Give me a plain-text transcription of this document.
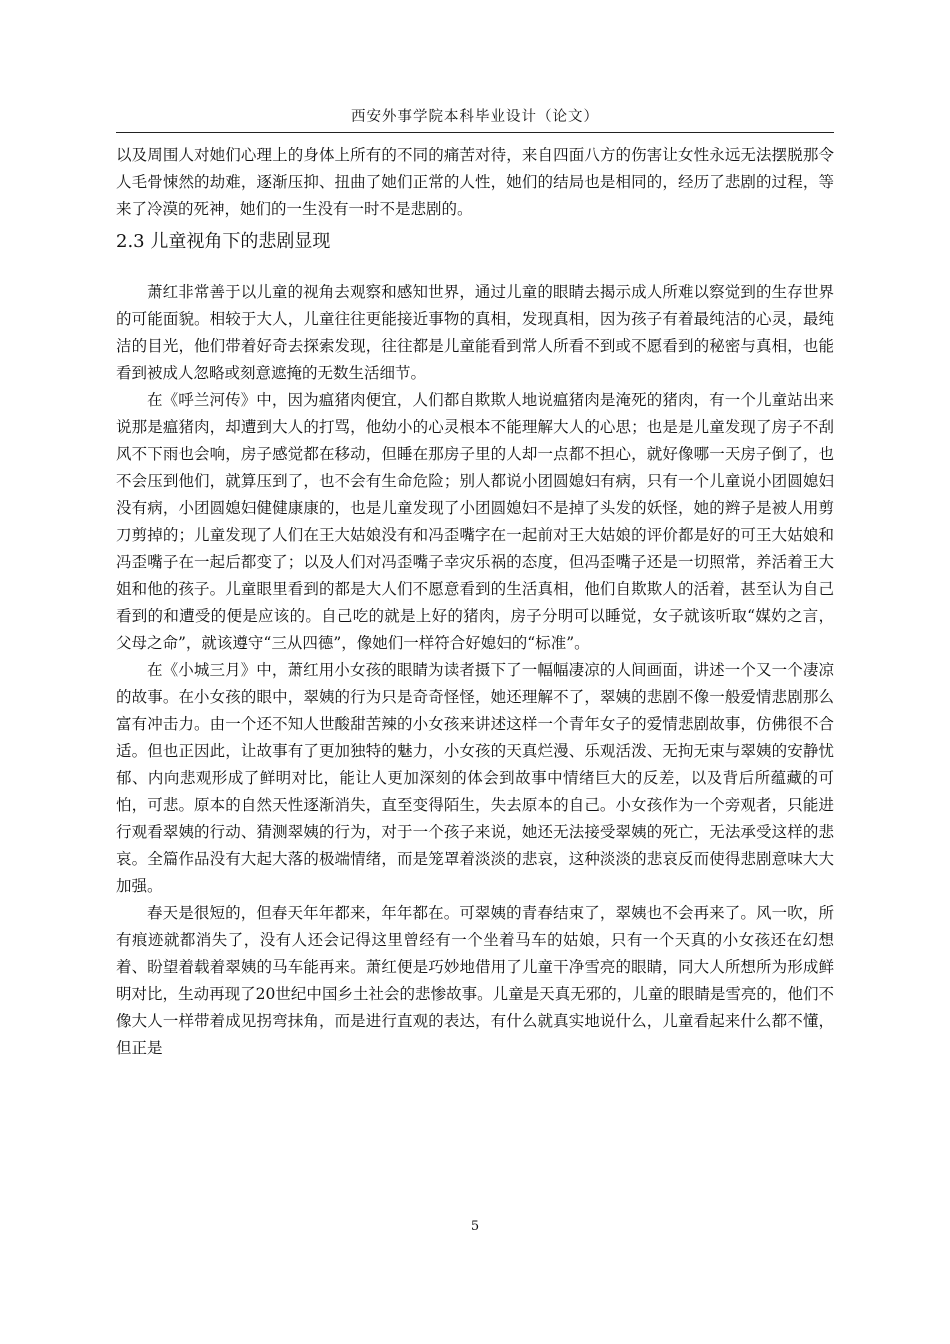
西安外事学院本科毕业设计（论文）

以及周围人对她们心理上的身体上所有的不同的痛苦对待，来自四面八方的伤害让女性永远无法摆脱那令人毛骨悚然的劫难，逐渐压抑、扭曲了她们正常的人性，她们的结局也是相同的，经历了悲剧的过程，等来了冷漠的死神，她们的一生没有一时不是悲剧的。

2.3 儿童视角下的悲剧显现

萧红非常善于以儿童的视角去观察和感知世界，通过儿童的眼睛去揭示成人所难以察觉到的生存世界的可能面貌。相较于大人，儿童往往更能接近事物的真相，发现真相，因为孩子有着最纯洁的心灵，最纯洁的目光，他们带着好奇去探索发现，往往都是儿童能看到常人所看不到或不愿看到的秘密与真相，也能看到被成人忽略或刻意遮掩的无数生活细节。

在《呼兰河传》中，因为瘟猪肉便宜，人们都自欺欺人地说瘟猪肉是淹死的猪肉，有一个儿童站出来说那是瘟猪肉，却遭到大人的打骂，他幼小的心灵根本不能理解大人的心思；也是是儿童发现了房子不刮风不下雨也会响，房子感觉都在移动，但睡在那房子里的人却一点都不担心，就好像哪一天房子倒了，也不会压到他们，就算压到了，也不会有生命危险；别人都说小团圆媳妇有病，只有一个儿童说小团圆媳妇没有病，小团圆媳妇健健康康的，也是儿童发现了小团圆媳妇不是掉了头发的妖怪，她的辫子是被人用剪刀剪掉的；儿童发现了人们在王大姑娘没有和冯歪嘴字在一起前对王大姑娘的评价都是好的可王大姑娘和冯歪嘴子在一起后都变了；以及人们对冯歪嘴子幸灾乐祸的态度，但冯歪嘴子还是一切照常，养活着王大姐和他的孩子。儿童眼里看到的都是大人们不愿意看到的生活真相，他们自欺欺人的活着，甚至认为自己看到的和遭受的便是应该的。自己吃的就是上好的猪肉，房子分明可以睡觉，女子就该听取“媒妁之言，父母之命”，就该遵守“三从四德”，像她们一样符合好媳妇的“标准”。

在《小城三月》中，萧红用小女孩的眼睛为读者摄下了一幅幅凄凉的人间画面，讲述一个又一个凄凉的故事。在小女孩的眼中，翠姨的行为只是奇奇怪怪，她还理解不了，翠姨的悲剧不像一般爱情悲剧那么富有冲击力。由一个还不知人世酸甜苦辣的小女孩来讲述这样一个青年女子的爱情悲剧故事，仿佛很不合适。但也正因此，让故事有了更加独特的魅力，小女孩的天真烂漫、乐观活泼、无拘无束与翠姨的安静忧郁、内向悲观形成了鲜明对比，能让人更加深刻的体会到故事中情绪巨大的反差，以及背后所蕴藏的可怕，可悲。原本的自然天性逐渐消失，直至变得陌生，失去原本的自己。小女孩作为一个旁观者，只能进行观看翠姨的行动、猜测翠姨的行为，对于一个孩子来说，她还无法接受翠姨的死亡，无法承受这样的悲哀。全篇作品没有大起大落的极端情绪，而是笼罩着淡淡的悲哀，这种淡淡的悲哀反而使得悲剧意味大大加强。

春天是很短的，但春天年年都来，年年都在。可翠姨的青春结束了，翠姨也不会再来了。风一吹，所有痕迹就都消失了，没有人还会记得这里曾经有一个坐着马车的姑娘，只有一个天真的小女孩还在幻想着、盼望着载着翠姨的马车能再来。萧红便是巧妙地借用了儿童干净雪亮的眼睛，同大人所想所为形成鲜明对比，生动再现了20世纪中国乡土社会的悲惨故事。儿童是天真无邪的，儿童的眼睛是雪亮的，他们不像大人一样带着成见拐弯抹角，而是进行直观的表达，有什么就真实地说什么，儿童看起来什么都不懂，但正是

5
